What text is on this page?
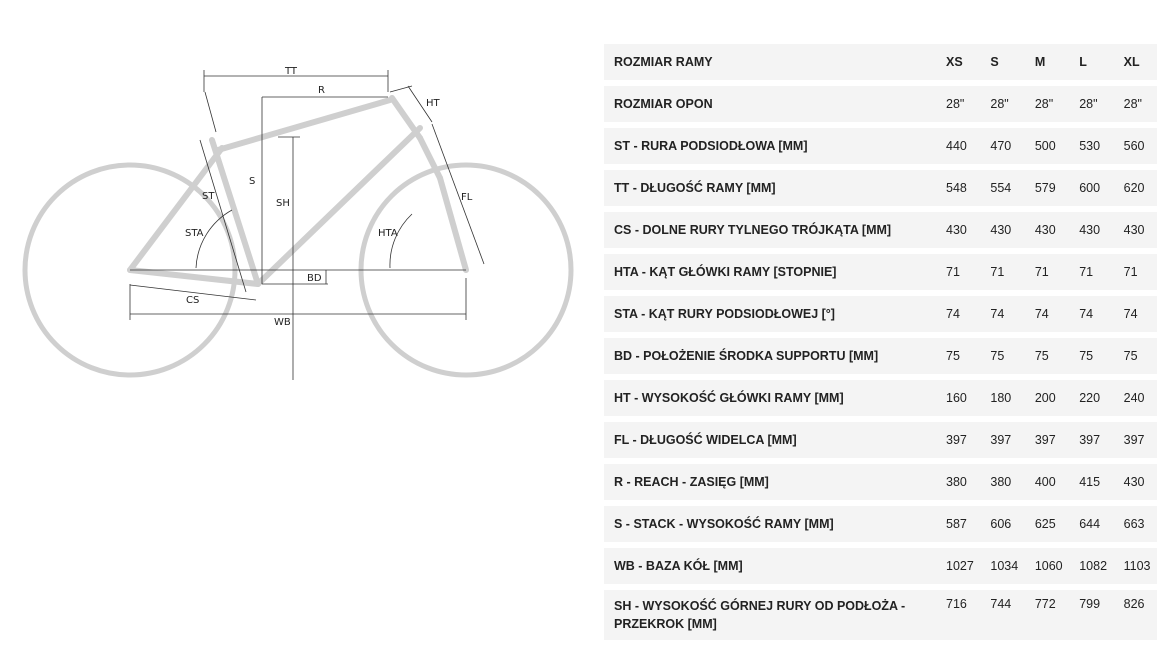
TT
R
HT
S
SH
ST
STA	HTA
FL
BD
CS
WB
ROZMIAR RAMY	XS	S	M	L	XL
ROZMIAR OPON	28"	28"	28"	28"	28"
ST - RURA PODSIODŁOWA [MM]	440	470	500	530	560
TT - DŁUGOŚĆ RAMY [MM]	548	554	579	600	620
CS - DOLNE RURY TYLNEGO TRÓJKĄTA [MM]	430	430	430	430	430
HTA - KĄT GŁÓWKI RAMY [STOPNIE]	71	71	71	71	71
STA - KĄT RURY PODSIODŁOWEJ [°]	74	74	74	74	74
BD - POŁOŻENIE ŚRODKA SUPPORTU [MM]	75	75	75	75	75
HT - WYSOKOŚĆ GŁÓWKI RAMY [MM]	160	180	200	220	240
FL - DŁUGOŚĆ WIDELCA [MM]	397	397	397	397	397
R - REACH - ZASIĘG [MM]	380	380	400	415	430
S - STACK - WYSOKOŚĆ RAMY [MM]	587	606	625	644	663
WB - BAZA KÓŁ [MM]	1027	1034	1060	1082	1103
SH - WYSOKOŚĆ GÓRNEJ RURY OD PODŁOŻA - PRZEKROK [MM]	716	744	772	799	826
